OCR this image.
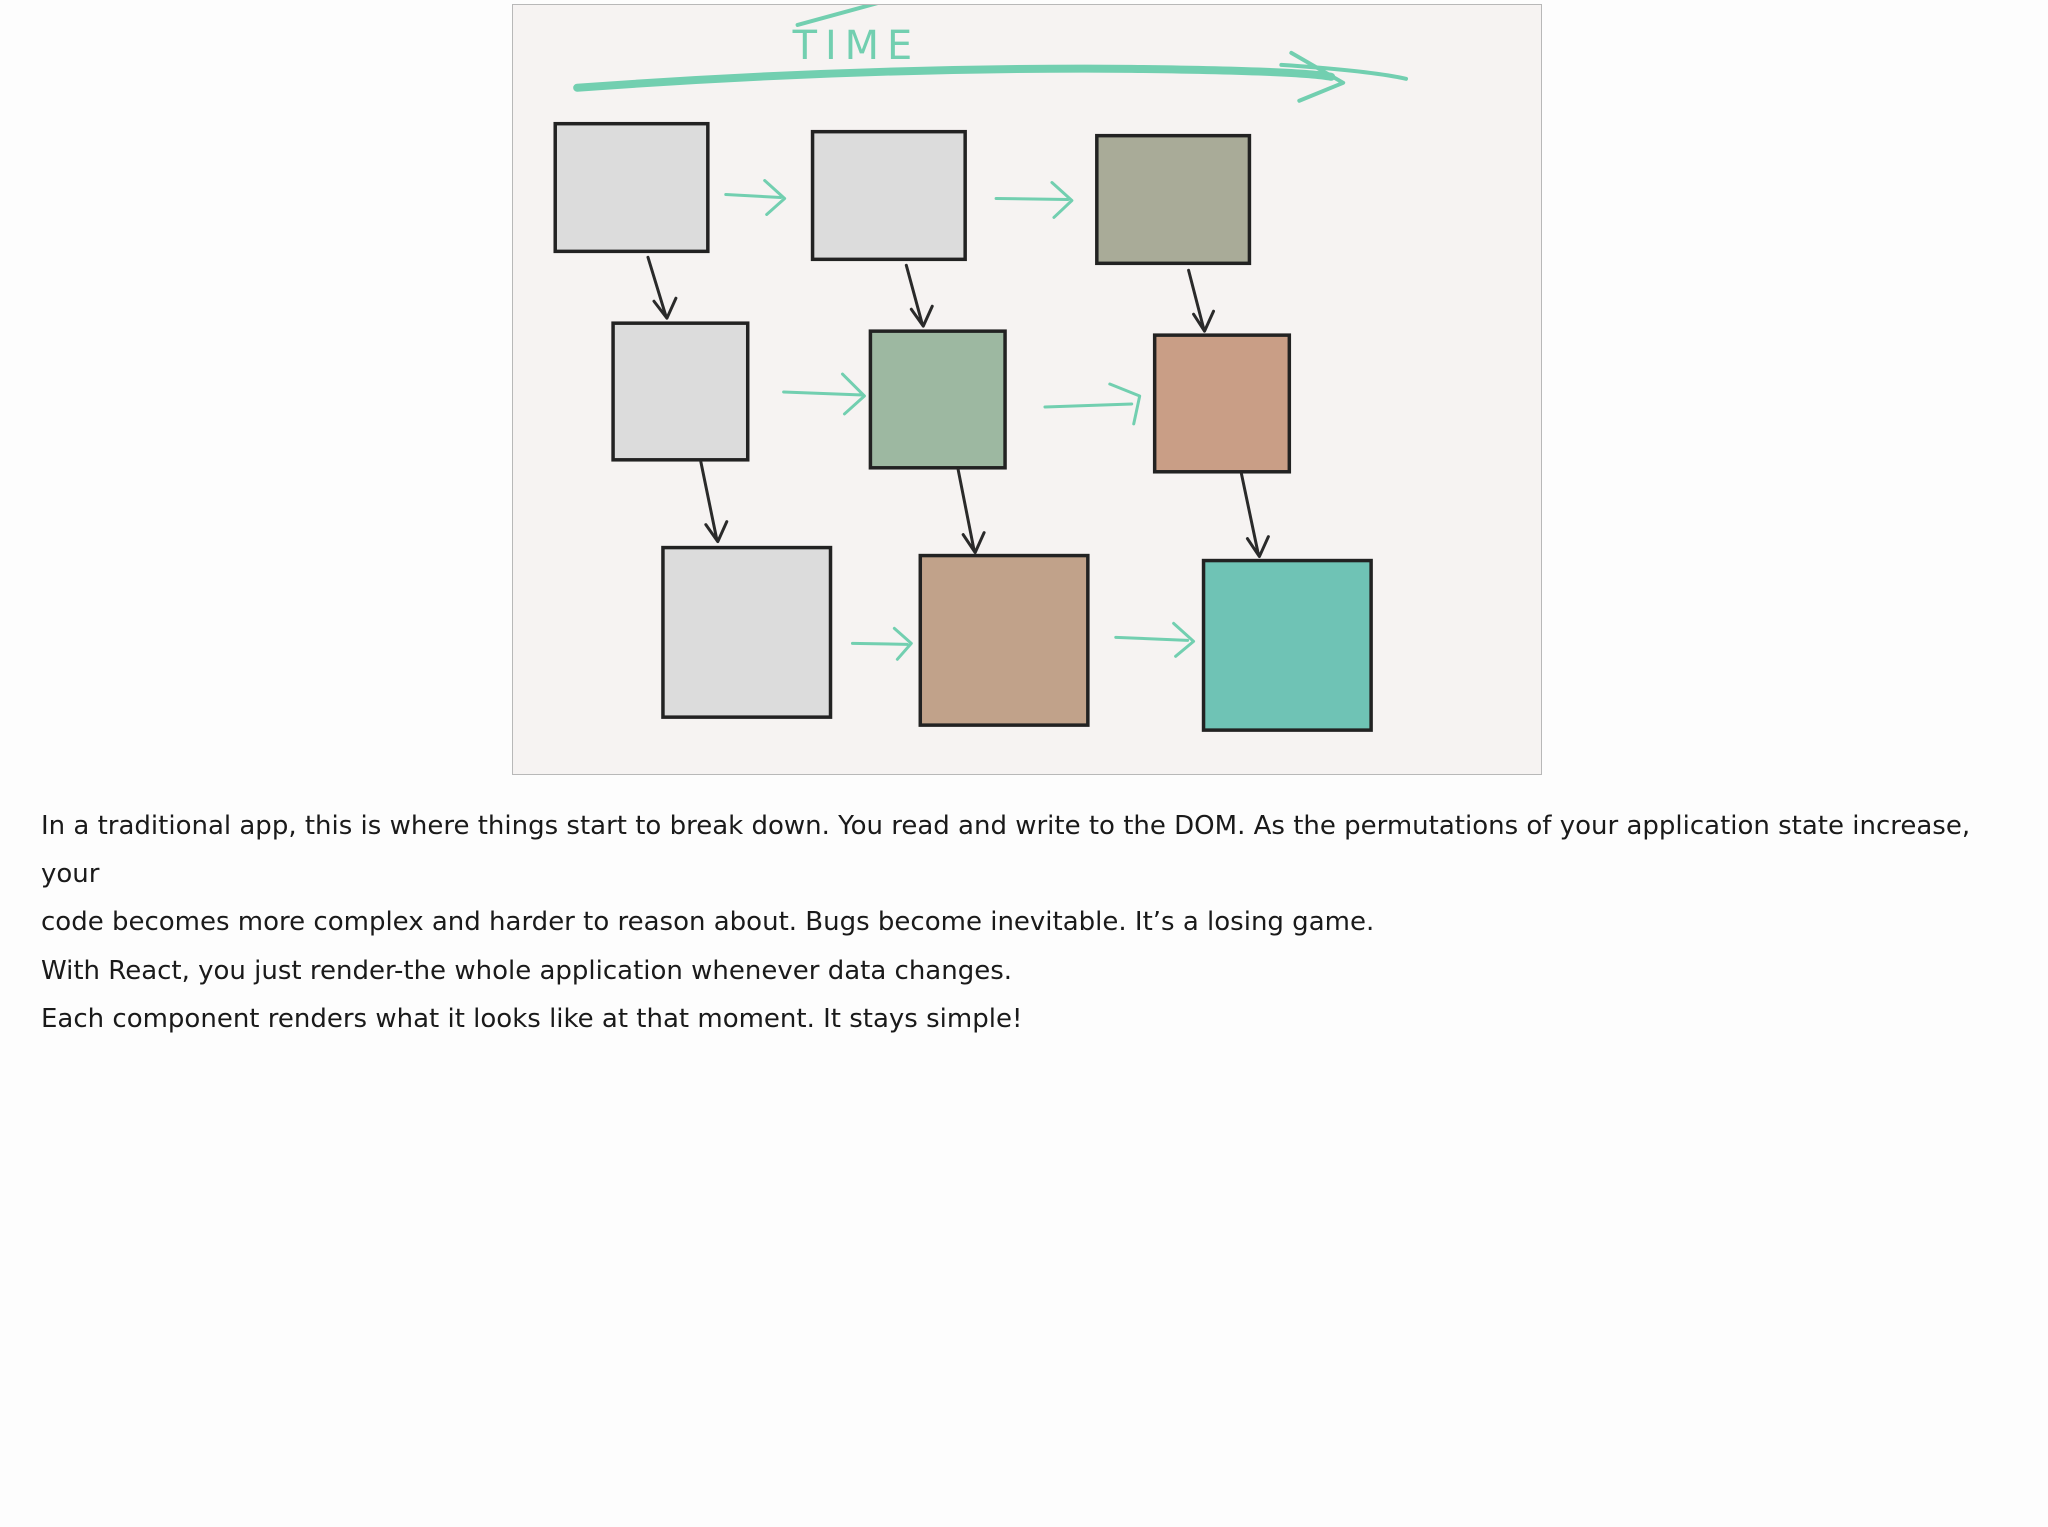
TIME

In a traditional app, this is where things start to break down. You read and write to the DOM. As the permutations of your application state increase, your
code becomes more complex and harder to reason about. Bugs become inevitable. It’s a losing game.

With React, you just render-the whole application whenever data changes.
Each component renders what it looks like at that moment. It stays simple!
